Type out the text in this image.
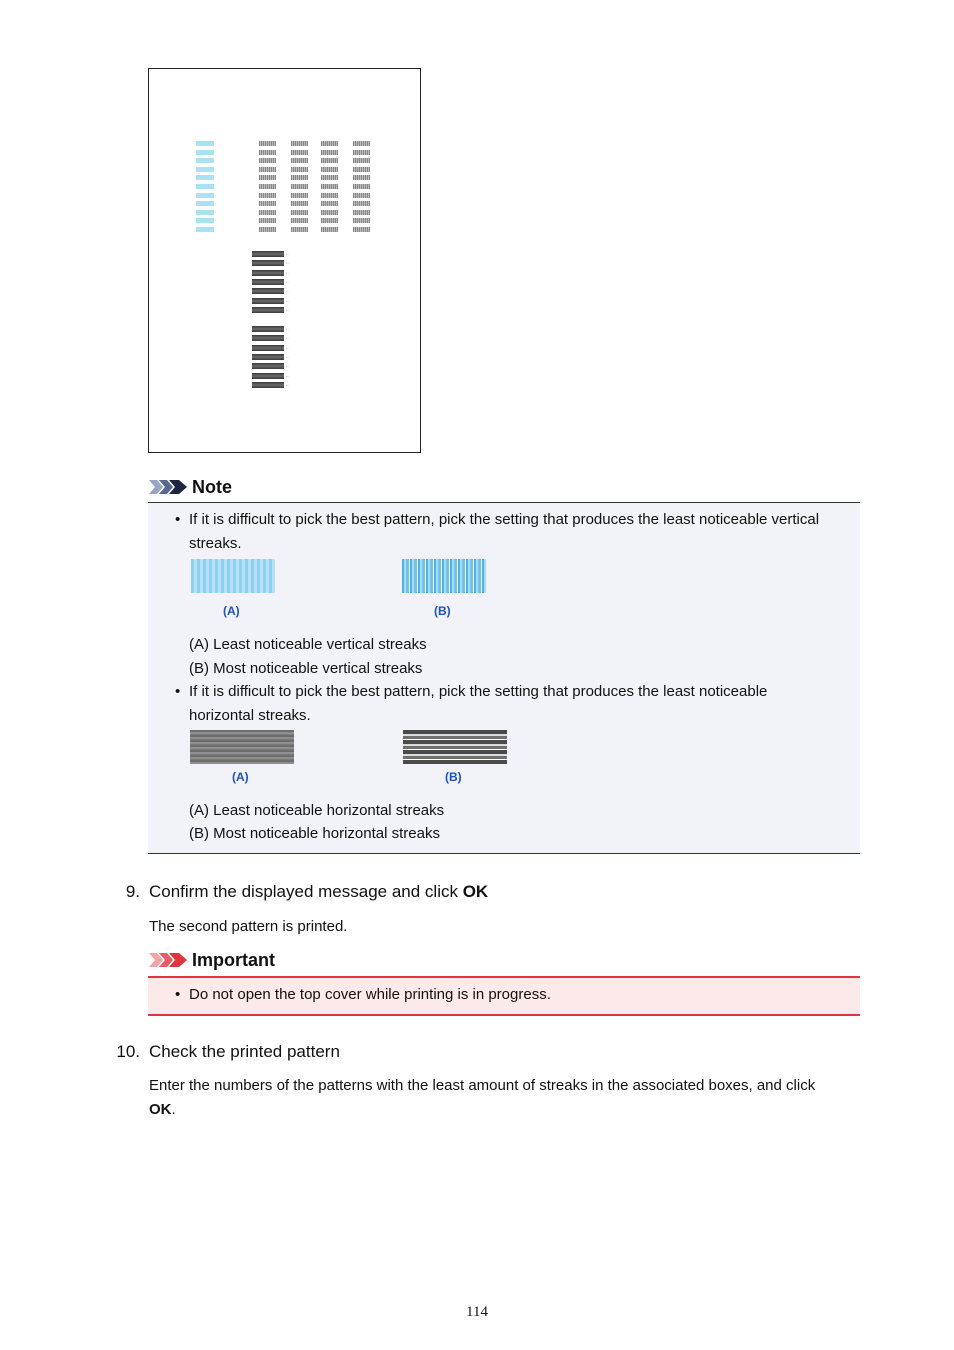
←
←
←
←
←
←
←
←
←
←
←
←
←
←
Note
• If it is difficult to pick the best pattern, pick the setting that produces the least noticeable vertical
streaks.
(A)	(B)
(A) Least noticeable vertical streaks
(B) Most noticeable vertical streaks
• If it is difficult to pick the best pattern, pick the setting that produces the least noticeable
horizontal streaks.
(A)	(B)
(A) Least noticeable horizontal streaks
(B) Most noticeable horizontal streaks
9. Confirm the displayed message and click OK
The second pattern is printed.
Important
• Do not open the top cover while printing is in progress.
10. Check the printed pattern
Enter the numbers of the patterns with the least amount of streaks in the associated boxes, and click
OK.
114
